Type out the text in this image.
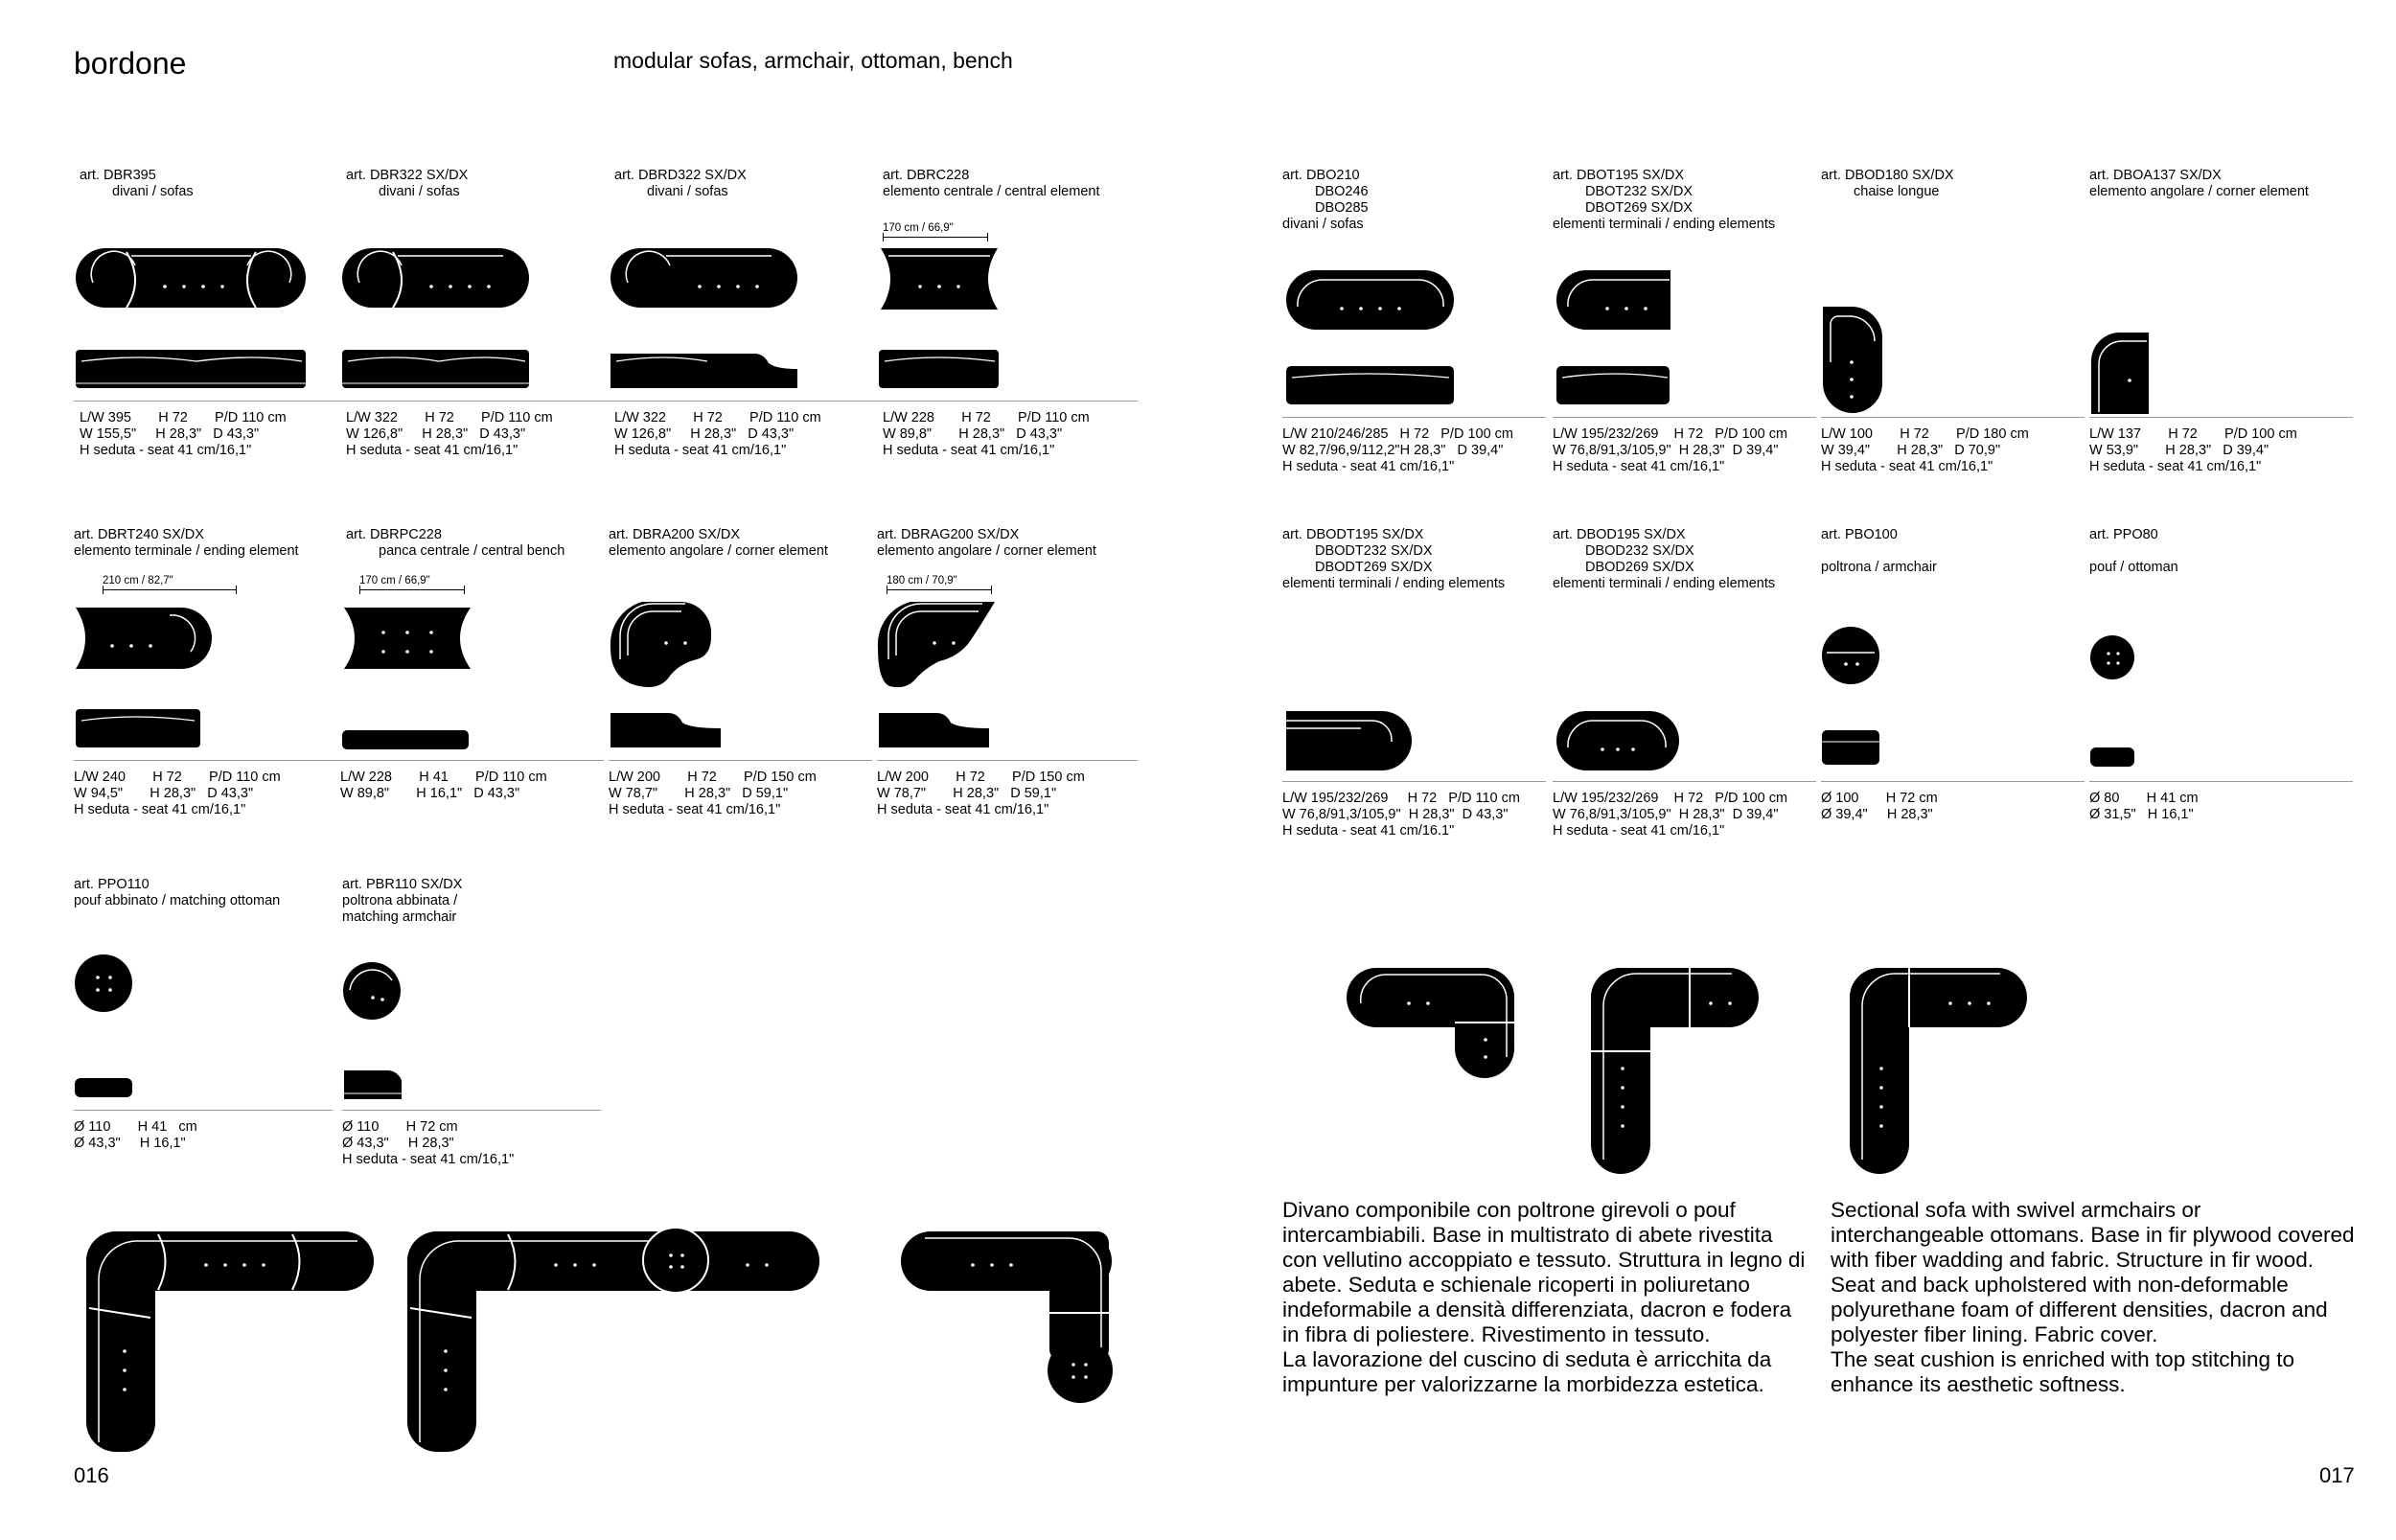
bordone	modular sofas, armchair, ottoman, bench
art. DBR395
divani / sofas
L/W 395       H 72       P/D 110 cm
W 155,5"     H 28,3"   D 43,3"
H seduta - seat 41 cm/16,1"
art. DBR322 SX/DX
divani / sofas
L/W 322       H 72       P/D 110 cm
W 126,8"     H 28,3"   D 43,3"
H seduta - seat 41 cm/16,1"
art. DBRD322 SX/DX
divani / sofas
L/W 322       H 72       P/D 110 cm
W 126,8"     H 28,3"   D 43,3"
H seduta - seat 41 cm/16,1"
art. DBRC228
elemento centrale / central element
170 cm / 66,9"
L/W 228       H 72       P/D 110 cm
W 89,8"       H 28,3"   D 43,3"
H seduta - seat 41 cm/16,1"
art. DBRT240 SX/DX
elemento terminale / ending element
210 cm / 82,7"
L/W 240       H 72       P/D 110 cm
W 94,5"       H 28,3"   D 43,3"
H seduta - seat 41 cm/16,1"
art. DBRPC228
panca centrale / central bench
170 cm / 66,9"
L/W 228       H 41       P/D 110 cm
W 89,8"       H 16,1"   D 43,3"
art. DBRA200 SX/DX
elemento angolare / corner element
L/W 200       H 72       P/D 150 cm
W 78,7"       H 28,3"   D 59,1"
H seduta - seat 41 cm/16,1"
art. DBRAG200 SX/DX
elemento angolare / corner element
180 cm / 70,9"
L/W 200       H 72       P/D 150 cm
W 78,7"       H 28,3"   D 59,1"
H seduta - seat 41 cm/16,1"
art. PPO110
pouf abbinato / matching ottoman
Ø 110       H 41   cm
Ø 43,3"     H 16,1"
art. PBR110 SX/DX
poltrona abbinata /
matching armchair
Ø 110       H 72 cm
Ø 43,3"     H 28,3"
H seduta - seat 41 cm/16,1"
016
art. DBO210
DBO246
DBO285
divani / sofas
L/W 210/246/285   H 72   P/D 100 cm
W 82,7/96,9/112,2"H 28,3"   D 39,4"
H seduta - seat 41 cm/16,1"
art. DBOT195 SX/DX
DBOT232 SX/DX
DBOT269 SX/DX
elementi terminali / ending elements
L/W 195/232/269    H 72   P/D 100 cm
W 76,8/91,3/105,9"  H 28,3"  D 39,4"
H seduta - seat 41 cm/16,1"
art. DBOD180 SX/DX
chaise longue
L/W 100       H 72       P/D 180 cm
W 39,4"       H 28,3"   D 70,9"
H seduta - seat 41 cm/16,1"
art. DBOA137 SX/DX
elemento angolare / corner element
L/W 137       H 72       P/D 100 cm
W 53,9"       H 28,3"   D 39,4"
H seduta - seat 41 cm/16,1"
art. DBODT195 SX/DX
DBODT232 SX/DX
DBODT269 SX/DX
elementi terminali / ending elements
L/W 195/232/269     H 72   P/D 110 cm
W 76,8/91,3/105,9"  H 28,3"  D 43,3"
H seduta - seat 41 cm/16.1"
art. DBOD195 SX/DX
DBOD232 SX/DX
DBOD269 SX/DX
elementi terminali / ending elements
L/W 195/232/269    H 72   P/D 100 cm
W 76,8/91,3/105,9"  H 28,3"  D 39,4"
H seduta - seat 41 cm/16,1"
art. PBO100
poltrona / armchair
Ø 100       H 72 cm
Ø 39,4"     H 28,3"
art. PPO80
pouf / ottoman
Ø 80       H 41 cm
Ø 31,5"   H 16,1"

Divano componibile con poltrone girevoli o pouf intercambiabili. Base in multistrato di abete rivestita con vellutino accoppiato e tessuto. Struttura in legno di abete. Seduta e schienale ricoperti in poliuretano indeformabile a densità differenziata, dacron e fodera in fibra di poliestere. Rivestimento in tessuto.

La lavorazione del cuscino di seduta è arricchita da impunture per valorizzarne la morbidezza estetica.

Sectional sofa with swivel armchairs or interchangeable ottomans. Base in fir plywood covered with fiber wadding and fabric. Structure in fir wood. Seat and back upholstered with non-deformable polyurethane foam of different densities, dacron and polyester fiber lining. Fabric cover.

The seat cushion is enriched with top stitching to enhance its aesthetic softness.

017
